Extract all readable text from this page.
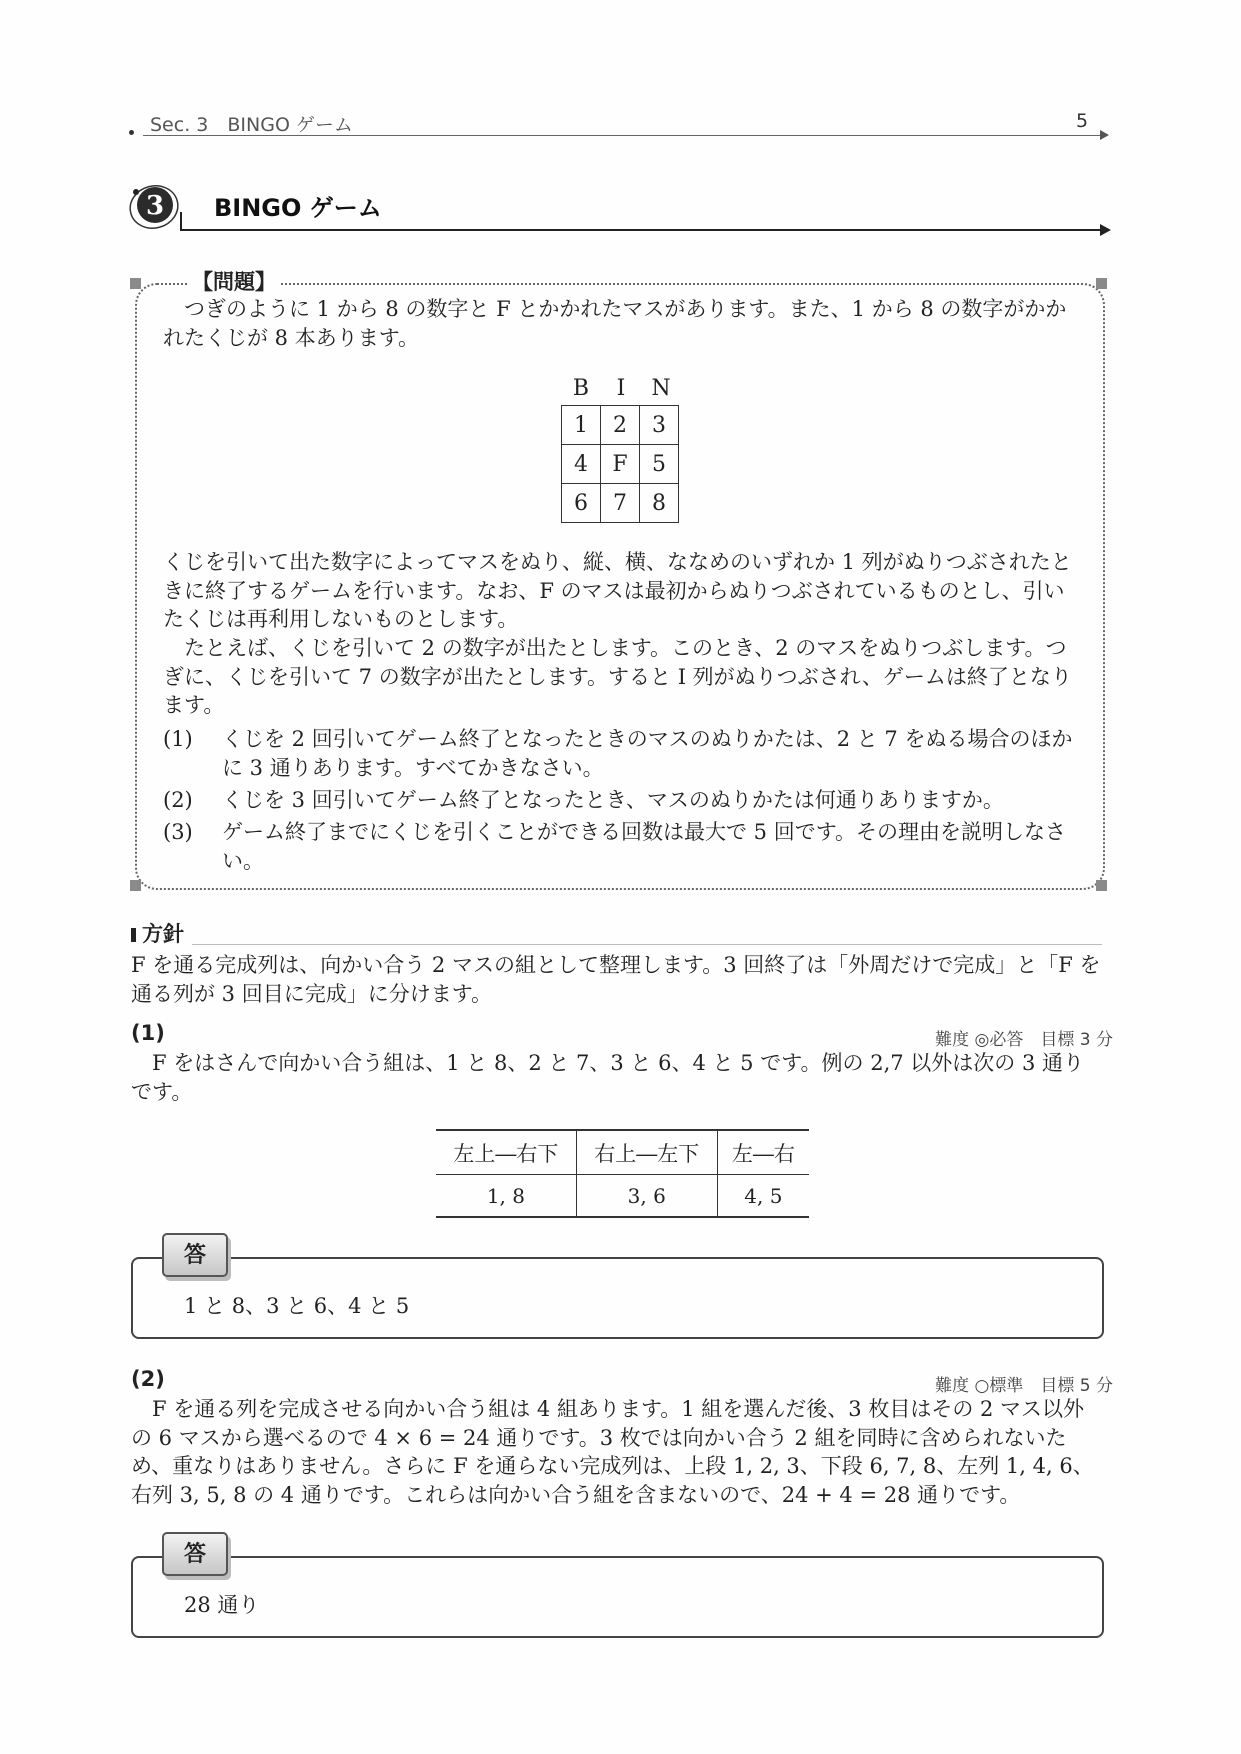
Sec. 3　BINGO ゲーム	5
3 BINGO ゲーム
【問題】

つぎのように 1 から 8 の数字と F とかかれたマスがあります。また、1 から 8 の数字がかかれたくじが 8 本あります。

B	I	N
1	2	3
4	F	5
6	7	8

くじを引いて出た数字によってマスをぬり、縦、横、ななめのいずれか 1 列がぬりつぶされたときに終了するゲームを行います。なお、F のマスは最初からぬりつぶされているものとし、引いたくじは再利用しないものとします。

たとえば、くじを引いて 2 の数字が出たとします。このとき、2 のマスをぬりつぶします。つぎに、くじを引いて 7 の数字が出たとします。すると I 列がぬりつぶされ、ゲームは終了となります。

(1) くじを 2 回引いてゲーム終了となったときのマスのぬりかたは、2 と 7 をぬる場合のほかに 3 通りあります。すべてかきなさい。

(2) くじを 3 回引いてゲーム終了となったとき、マスのぬりかたは何通りありますか。

(3) ゲーム終了までにくじを引くことができる回数は最大で 5 回です。その理由を説明しなさい。

方針

F を通る完成列は、向かい合う 2 マスの組として整理します。3 回終了は「外周だけで完成」と「F を通る列が 3 回目に完成」に分けます。

(1)	難度 ◎必答　目標 3 分

F をはさんで向かい合う組は、1 と 8、2 と 7、3 と 6、4 と 5 です。例の 2,7 以外は次の 3 通りです。

左上―右下	右上―左下	左―右
1, 8	3, 6	4, 5
答
1 と 8、3 と 6、4 と 5
(2)	難度 ○標準　目標 5 分

F を通る列を完成させる向かい合う組は 4 組あります。1 組を選んだ後、3 枚目はその 2 マス以外の 6 マスから選べるので 4 × 6 = 24 通りです。3 枚では向かい合う 2 組を同時に含められないため、重なりはありません。さらに F を通らない完成列は、上段 1, 2, 3、下段 6, 7, 8、左列 1, 4, 6、右列 3, 5, 8 の 4 通りです。これらは向かい合う組を含まないので、24 + 4 = 28 通りです。

答
28 通り
